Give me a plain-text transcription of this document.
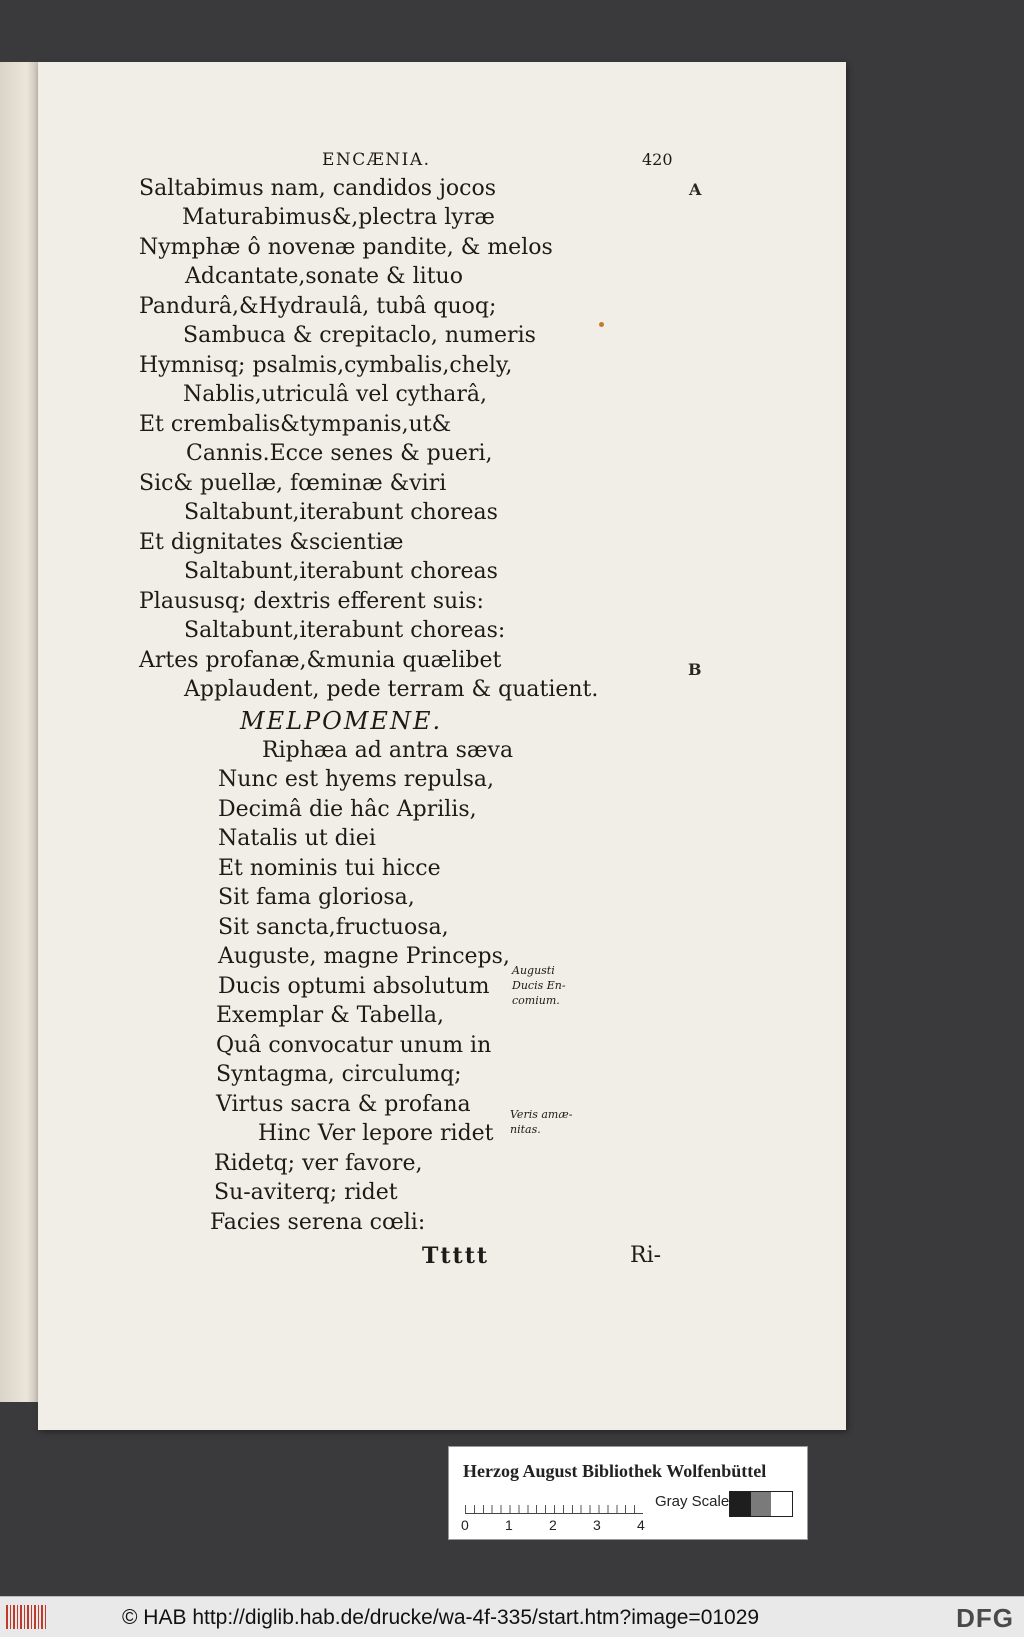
ENCÆNIA.	420
A
B
Saltabimus nam, candidos jocos
Maturabimus&,plectra lyræ
Nymphæ ô novenæ pandite, & melos
Adcantate,sonate & lituo
Pandurâ,&Hydraulâ, tubâ quoq;
Sambuca & crepitaclo, numeris
Hymnisq; psalmis,cymbalis,chely,
Nablis,utriculâ vel cytharâ,
Et crembalis&tympanis,ut&
Cannis.Ecce senes & pueri,
Sic& puellæ, fœminæ &viri
Saltabunt,iterabunt choreas
Et dignitates &scientiæ
Saltabunt,iterabunt choreas
Plaususq; dextris efferent suis:
Saltabunt,iterabunt choreas:
Artes profanæ,&munia quælibet
Applaudent, pede terram & quatient.
MELPOMENE.
Riphæa ad antra sæva
Nunc est hyems repulsa,
Decimâ die hâc Aprilis,
Natalis ut diei
Et nominis tui hicce
Sit fama gloriosa,
Sit sancta,fructuosa,
Auguste, magne Princeps,
Ducis optumi absolutum
Exemplar & Tabella,
Quâ convocatur unum in
Syntagma, circulumq;
Virtus sacra & profana
Hinc Ver lepore ridet
Ridetq; ver favore,
Su-aviterq; ridet
Facies serena cœli:
Augusti
Ducis En-
comium.
Veris amæ-
nitas.
Ttttt	Ri-
Herzog August Bibliothek Wolfenbüttel
0	1	2	3	4
Gray Scale
© HAB http://diglib.hab.de/drucke/wa-4f-335/start.htm?image=01029	DFG
